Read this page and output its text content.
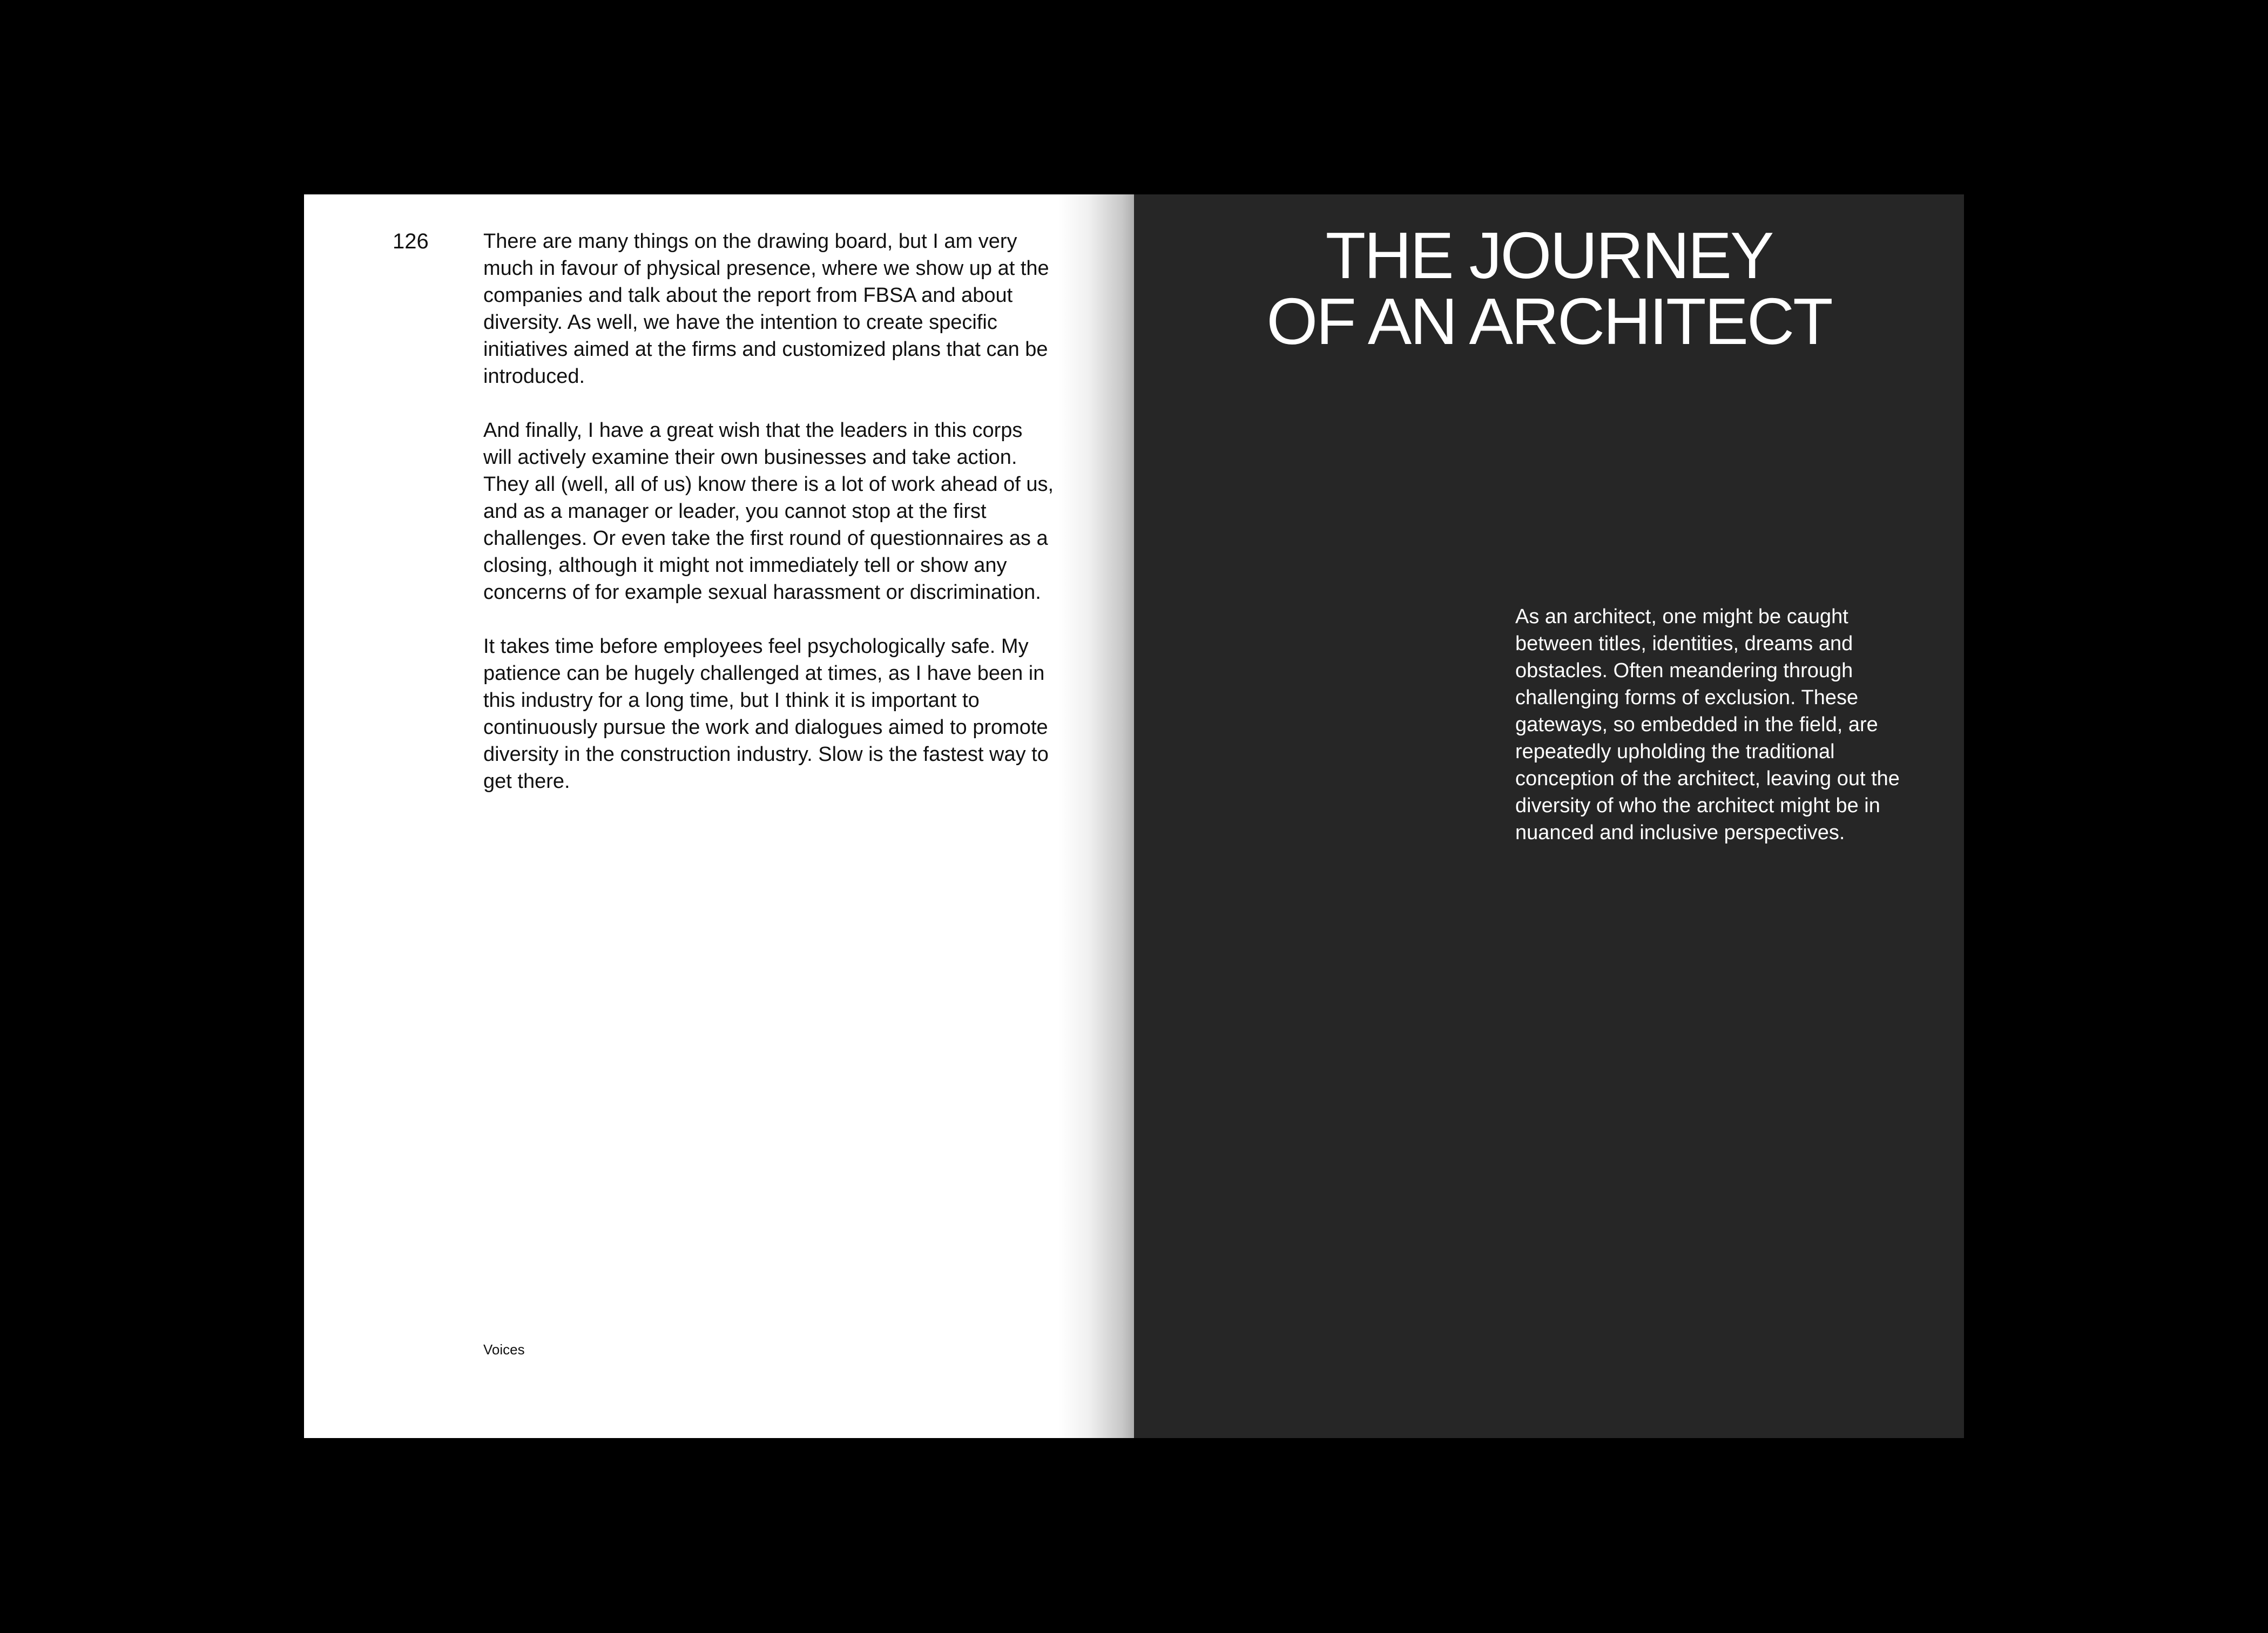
126	There are many things on the drawing board, but I am very much in favour of physical presence, where we show up at the companies and talk about the report from FBSA and about diversity. As well, we have the intention to create specific initiatives aimed at the firms and customized plans that can be introduced.

And finally, I have a great wish that the leaders in this corps will actively examine their own businesses and take action. They all (well, all of us) know there is a lot of work ahead of us, and as a manager or leader, you cannot stop at the first challenges. Or even take the first round of questionnaires as a closing, although it might not immediately tell or show any concerns of for example sexual harassment or discrimination.

It takes time before employees feel psychologically safe. My patience can be hugely challenged at times, as I have been in this industry for a long time, but I think it is important to continuously pursue the work and dialogues aimed to promote diversity in the construction industry. Slow is the fastest way to get there.

Voices

THE JOURNEY
OF AN ARCHITECT

As an architect, one might be caught between titles, identities, dreams and obstacles. Often meandering through challenging forms of exclusion. These gateways, so embedded in the field, are repeatedly upholding the traditional conception of the architect, leaving out the diversity of who the architect might be in nuanced and inclusive perspectives.
